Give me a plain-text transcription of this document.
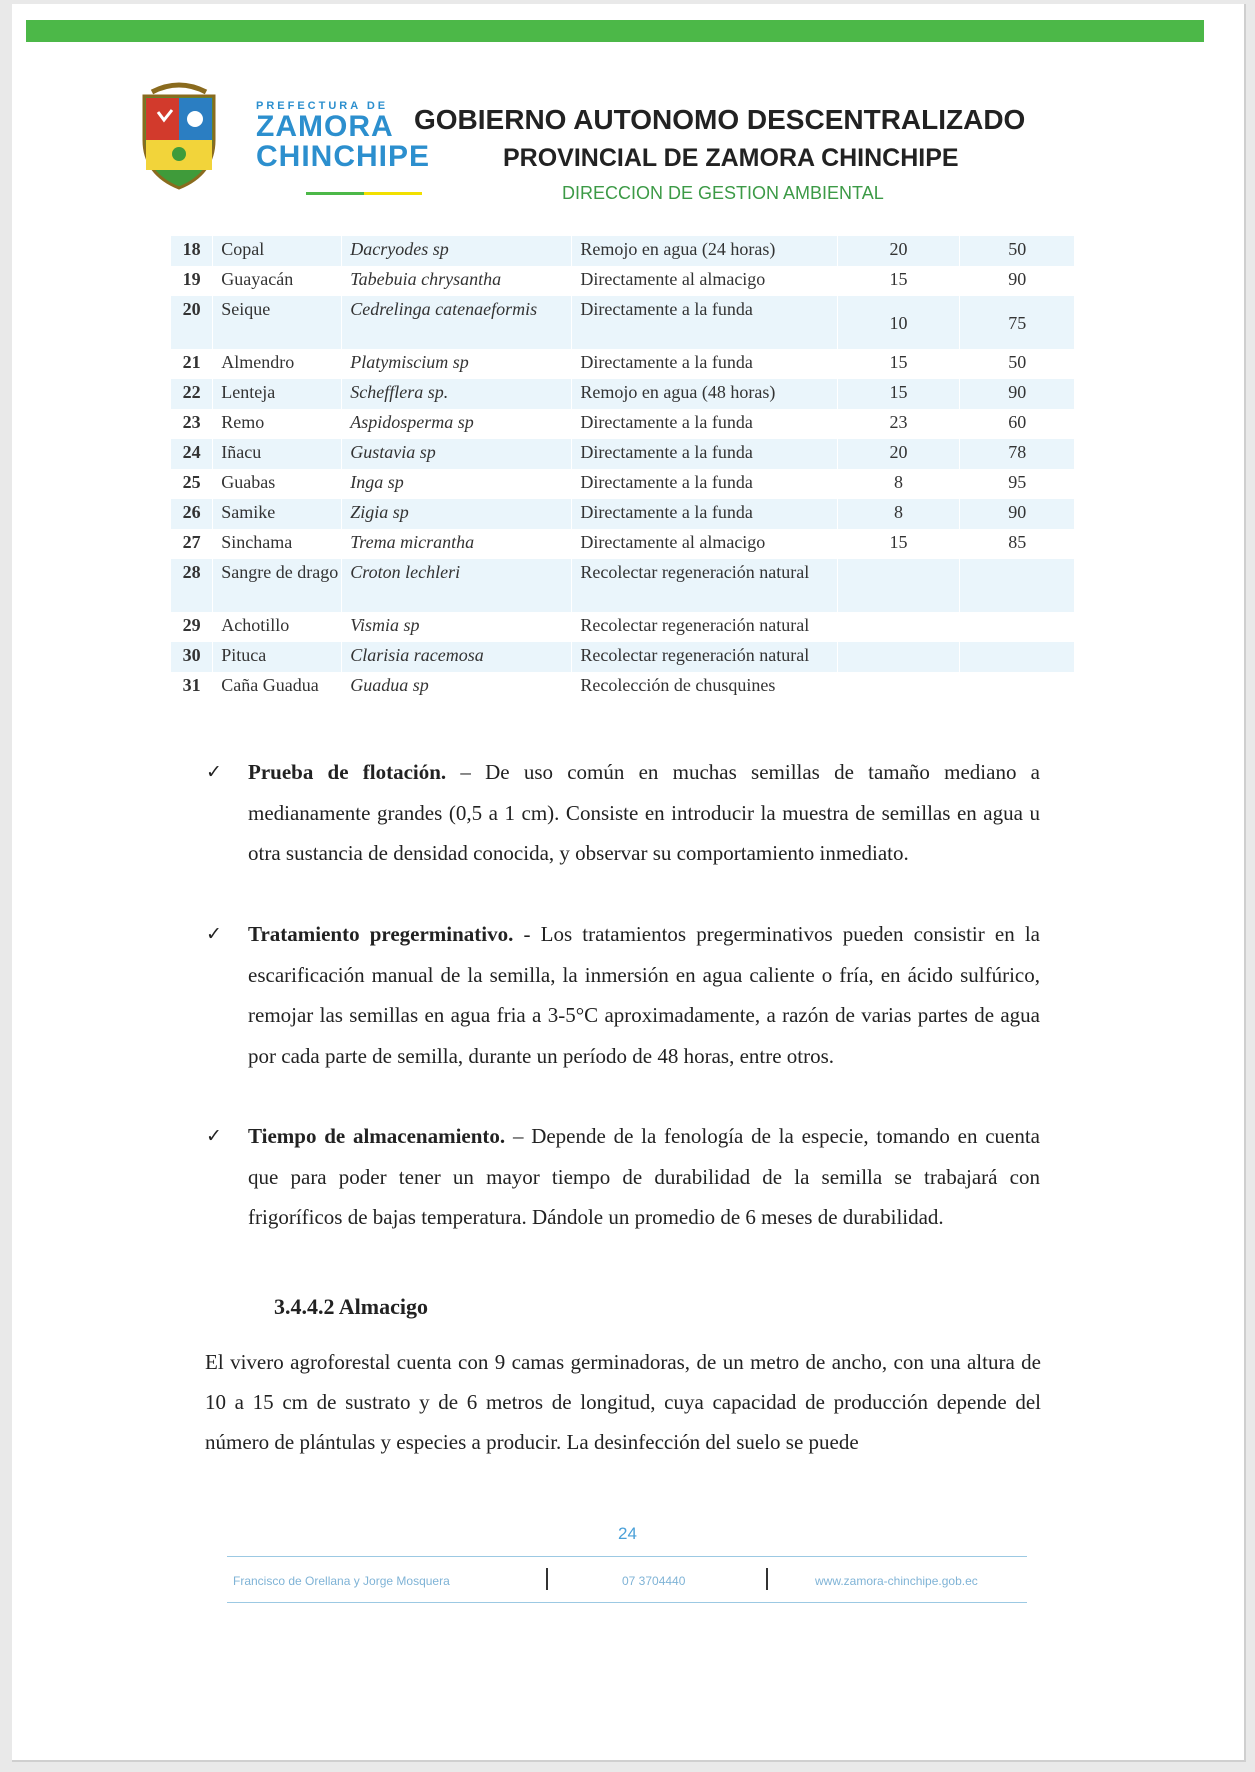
PREFECTURA DE
ZAMORA
CHINCHIPE
GOBIERNO AUTONOMO DESCENTRALIZADO
PROVINCIAL DE ZAMORA CHINCHIPE
DIRECCION DE GESTION AMBIENTAL
18	Copal	Dacryodes sp	Remojo en agua (24 horas)	20	50
19	Guayacán	Tabebuia chrysantha	Directamente al almacigo	15	90
20	Seique	Cedrelinga catenaeformis	Directamente a la funda	10	75
21	Almendro	Platymiscium sp	Directamente a la funda	15	50
22	Lenteja	Schefflera sp.	Remojo en agua (48 horas)	15	90
23	Remo	Aspidosperma sp	Directamente a la funda	23	60
24	Iñacu	Gustavia sp	Directamente a la funda	20	78
25	Guabas	Inga sp	Directamente a la funda	8	95
26	Samike	Zigia sp	Directamente a la funda	8	90
27	Sinchama	Trema micrantha	Directamente al almacigo	15	85
28	Sangre de drago	Croton lechleri	Recolectar regeneración natural		
29	Achotillo	Vismia sp	Recolectar regeneración natural		
30	Pituca	Clarisia racemosa	Recolectar regeneración natural		
31	Caña Guadua	Guadua sp	Recolección de chusquines		
✓ Prueba de flotación. – De uso común en muchas semillas de tamaño mediano a medianamente grandes (0,5 a 1 cm). Consiste en introducir la muestra de semillas en agua u otra sustancia de densidad conocida, y observar su comportamiento inmediato.
✓ Tratamiento pregerminativo. - Los tratamientos pregerminativos pueden consistir en la escarificación manual de la semilla, la inmersión en agua caliente o fría, en ácido sulfúrico, remojar las semillas en agua fria a 3-5°C aproximadamente, a razón de varias partes de agua por cada parte de semilla, durante un período de 48 horas, entre otros.
✓ Tiempo de almacenamiento. – Depende de la fenología de la especie, tomando en cuenta que para poder tener un mayor tiempo de durabilidad de la semilla se trabajará con frigoríficos de bajas temperatura. Dándole un promedio de 6 meses de durabilidad.
3.4.4.2 Almacigo
El vivero agroforestal cuenta con 9 camas germinadoras, de un metro de ancho, con una altura de 10 a 15 cm de sustrato y de 6 metros de longitud, cuya capacidad de producción depende del número de plántulas y especies a producir. La desinfección del suelo se puede
24
Francisco de Orellana y Jorge Mosquera	07 3704440	www.zamora-chinchipe.gob.ec
